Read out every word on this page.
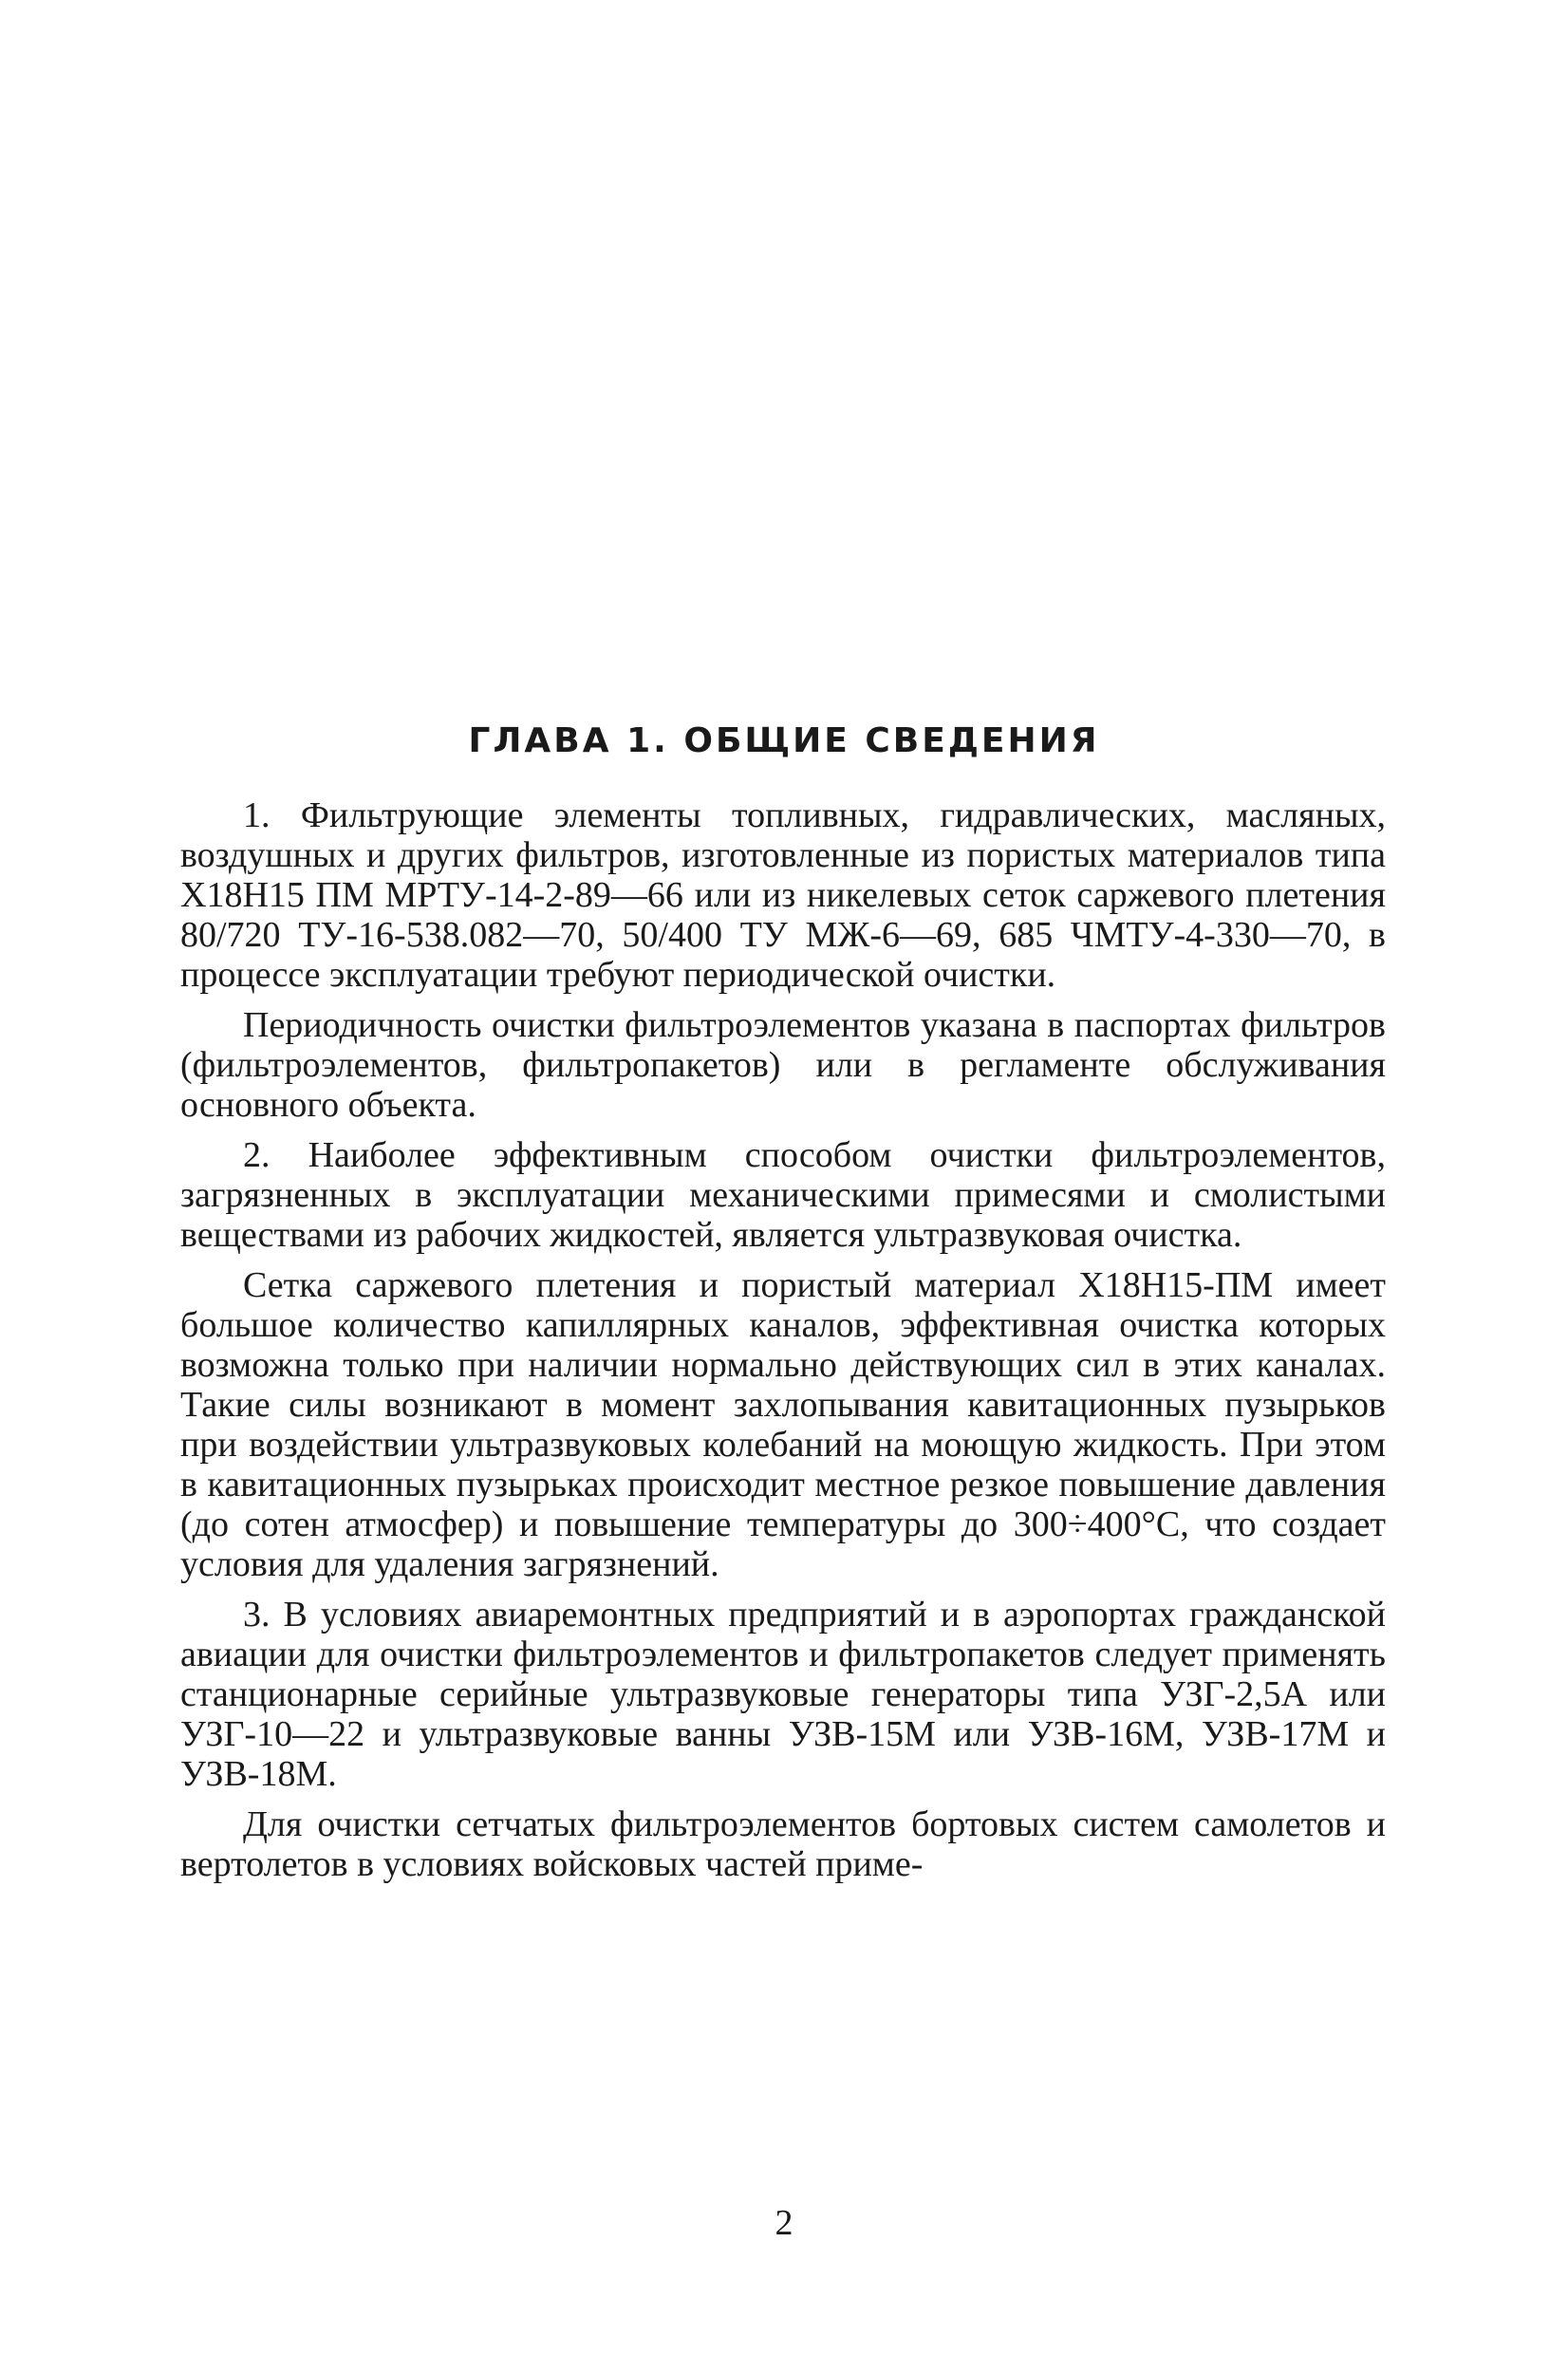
ГЛАВА 1. ОБЩИЕ СВЕДЕНИЯ

1. Фильтрующие элементы топливных, гидравлических, масляных, воздушных и других фильтров, изготовленные из пористых материалов типа Х18Н15 ПМ МРТУ-14-2-89—66 или из никелевых сеток саржевого плетения 80/720 ТУ-16-538.082—70, 50/400 ТУ МЖ-6—69, 685 ЧМТУ-4-330—70, в процессе эксплуатации требуют периодической очистки.

Периодичность очистки фильтроэлементов указана в паспортах фильтров (фильтроэлементов, фильтропакетов) или в регламенте обслуживания основного объекта.

2. Наиболее эффективным способом очистки фильтроэлементов, загрязненных в эксплуатации механическими примесями и смолистыми веществами из рабочих жидкостей, является ультразвуковая очистка.

Сетка саржевого плетения и пористый материал Х18Н15-ПМ имеет большое количество капиллярных каналов, эффективная очистка которых возможна только при наличии нормально действующих сил в этих каналах. Такие силы возникают в момент захлопывания кавитационных пузырьков при воздействии ультразвуковых колебаний на моющую жидкость. При этом в кавитационных пузырьках происходит местное резкое повышение давления (до сотен атмосфер) и повышение температуры до 300÷400°С, что создает условия для удаления загрязнений.

3. В условиях авиаремонтных предприятий и в аэропортах гражданской авиации для очистки фильтроэлементов и фильтропакетов следует применять станционарные серийные ультразвуковые генераторы типа УЗГ-2,5А или УЗГ-10—22 и ультразвуковые ванны УЗВ-15М или УЗВ-16М, УЗВ-17М и УЗВ-18М.

Для очистки сетчатых фильтроэлементов бортовых систем самолетов и вертолетов в условиях войсковых частей приме-

2
